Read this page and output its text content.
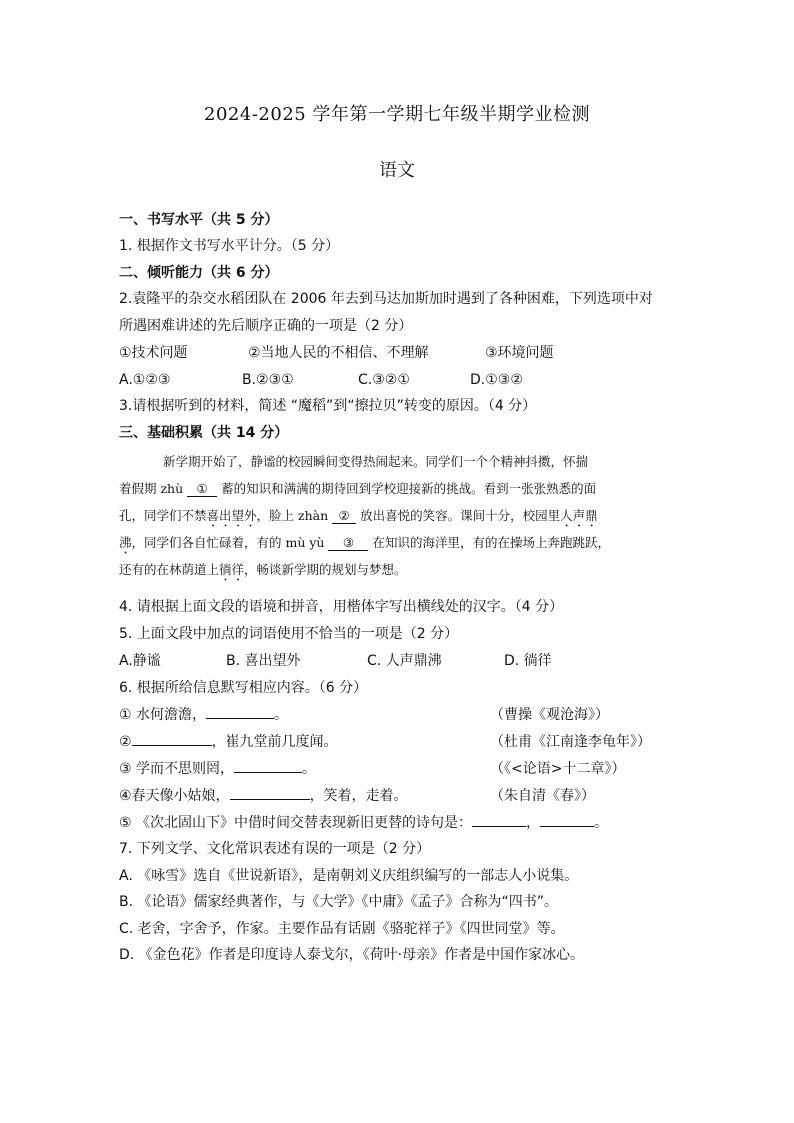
2024-2025 学年第一学期七年级半期学业检测
语文
一、书写水平（共 5 分）
1. 根据作文书写水平计分。（5 分）
二、倾听能力（共 6 分）
2.袁隆平的杂交水稻团队在 2006 年去到马达加斯加时遇到了各种困难，下列选项中对
所遇困难讲述的先后顺序正确的一项是（2 分）
①技术问题	②当地人民的不相信、不理解	③环境问题
A.①②③	B.②③①	C.③②①	D.①③②
3.请根据听到的材料，简述 “魔稻”到“擦拉贝”转变的原因。（4 分）
三、基础积累（共 14 分）
新学期开始了，静谧的校园瞬间变得热闹起来。同学们一个个精神抖擞，怀揣
着假期 zhù ① 蓄的知识和满满的期待回到学校迎接新的挑战。看到一张张熟悉的面
孔，同学们不禁喜出望外，脸上 zhàn ② 放出喜悦的笑容。课间十分，校园里人声鼎
沸，同学们各自忙碌着，有的 mù yù ③ 在知识的海洋里，有的在操场上奔跑跳跃，
还有的在林荫道上徜徉，畅谈新学期的规划与梦想。
4. 请根据上面文段的语境和拼音，用楷体字写出横线处的汉字。（4 分）
5. 上面文段中加点的词语使用不恰当的一项是（2 分）
A.静谧	B. 喜出望外	C. 人声鼎沸	D. 徜徉
6. 根据所给信息默写相应内容。（6 分）
① 水何澹澹，	。	（曹操《观沧海》）
②	，崔九堂前几度闻。	（杜甫《江南逢李龟年》）
③ 学而不思则罔，	。	（《<论语>十二章》）
④春天像小姑娘，	，笑着，走着。	（朱自清《春》）
⑤ 《次北固山下》中借时间交替表现新旧更替的诗句是：	，	。
7. 下列文学、文化常识表述有误的一项是（2 分）
A. 《咏雪》选自《世说新语》，是南朝刘义庆组织编写的一部志人小说集。
B. 《论语》儒家经典著作，与《大学》《中庸》《孟子》合称为“四书”。
C. 老舍，字舍予，作家。主要作品有话剧《骆驼祥子》《四世同堂》等。
D. 《金色花》作者是印度诗人泰戈尔，《荷叶·母亲》作者是中国作家冰心。
